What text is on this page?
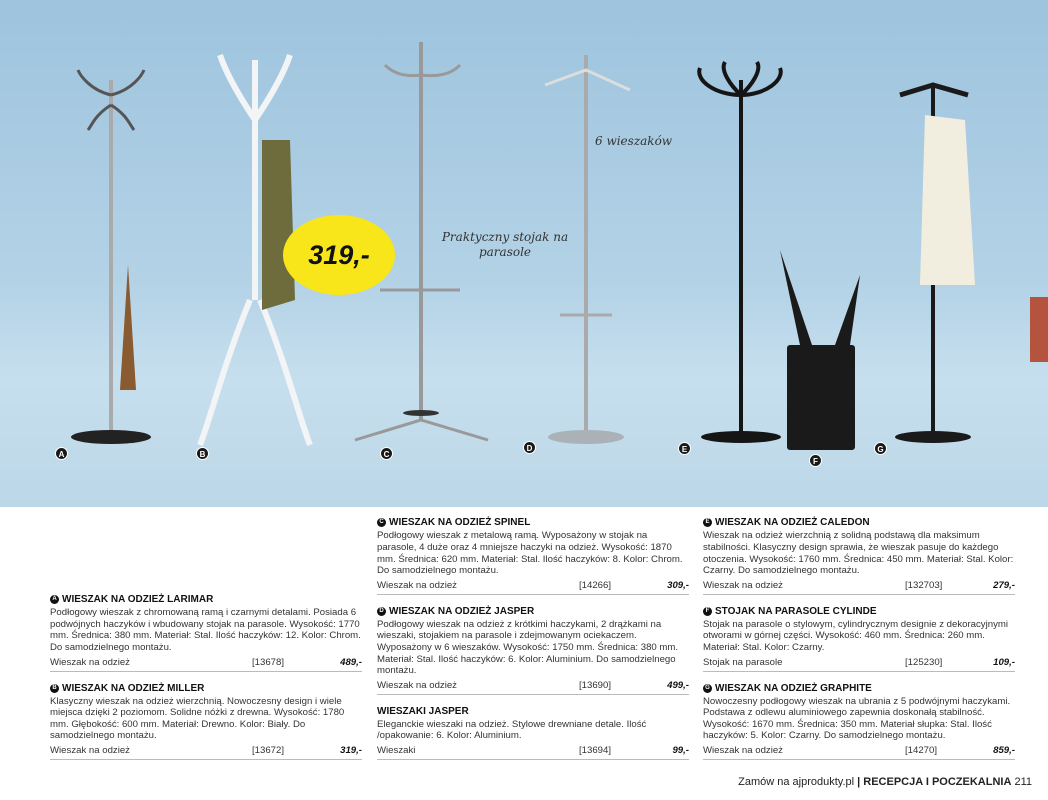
319,-
6 wieszaków
Praktyczny stojak na parasole
A	B	C
D	E
F
G
A WIESZAK NA ODZIEŻ LARIMAR
Podłogowy wieszak z chromowaną ramą i czarnymi detalami. Posiada 6 podwójnych haczyków i wbudowany stojak na parasole. Wysokość: 1770 mm. Średnica: 380 mm. Materiał: Stal. Ilość haczyków: 12. Kolor: Chrom. Do samodzielnego montażu.
Wieszak na odzież	[13678]	489,-
B WIESZAK NA ODZIEŻ MILLER
Klasyczny wieszak na odzież wierzchnią. Nowoczesny design i wiele miejsca dzięki 2 poziomom. Solidne nóżki z drewna. Wysokość: 1780 mm. Głębokość: 600 mm. Materiał: Drewno. Kolor: Biały. Do samodzielnego montażu.
Wieszak na odzież	[13672]	319,-
C WIESZAK NA ODZIEŻ SPINEL
Podłogowy wieszak z metalową ramą. Wyposażony w stojak na parasole, 4 duże oraz 4 mniejsze haczyki na odzież. Wysokość: 1870 mm. Średnica: 620 mm. Materiał: Stal. Ilość haczyków: 8. Kolor: Chrom. Do samodzielnego montażu.
Wieszak na odzież	[14266]	309,-
D WIESZAK NA ODZIEŻ JASPER
Podłogowy wieszak na odzież z krótkimi haczykami, 2 drążkami na wieszaki, stojakiem na parasole i zdejmowanym ociekaczem. Wyposażony w 6 wieszaków. Wysokość: 1750 mm. Średnica: 380 mm. Materiał: Stal. Ilość haczyków: 6. Kolor: Aluminium. Do samodzielnego montażu.
Wieszak na odzież	[13690]	499,-
WIESZAKI JASPER
Eleganckie wieszaki na odzież. Stylowe drewniane detale. Ilość /opakowanie: 6. Kolor: Aluminium.
Wieszaki	[13694]	99,-
E WIESZAK NA ODZIEŻ CALEDON
Wieszak na odzież wierzchnią z solidną podstawą dla maksimum stabilności. Klasyczny design sprawia, że wieszak pasuje do każdego otoczenia. Wysokość: 1760 mm. Średnica: 450 mm. Materiał: Stal. Kolor: Czarny. Do samodzielnego montażu.
Wieszak na odzież	[132703]	279,-
F STOJAK NA PARASOLE CYLINDE
Stojak na parasole o stylowym, cylindrycznym designie z dekoracyjnymi otworami w górnej części. Wysokość: 460 mm. Średnica: 260 mm. Materiał: Stal. Kolor: Czarny.
Stojak na parasole	[125230]	109,-
G WIESZAK NA ODZIEŻ GRAPHITE
Nowoczesny podłogowy wieszak na ubrania z 5 podwójnymi haczykami. Podstawa z odlewu aluminiowego zapewnia doskonałą stabilność. Wysokość: 1670 mm. Średnica: 350 mm. Materiał słupka: Stal. Ilość haczyków: 5. Kolor: Czarny. Do samodzielnego montażu.
Wieszak na odzież	[14270]	859,-
Zamów na ajprodukty.pl | RECEPCJA I POCZEKALNIA 211
